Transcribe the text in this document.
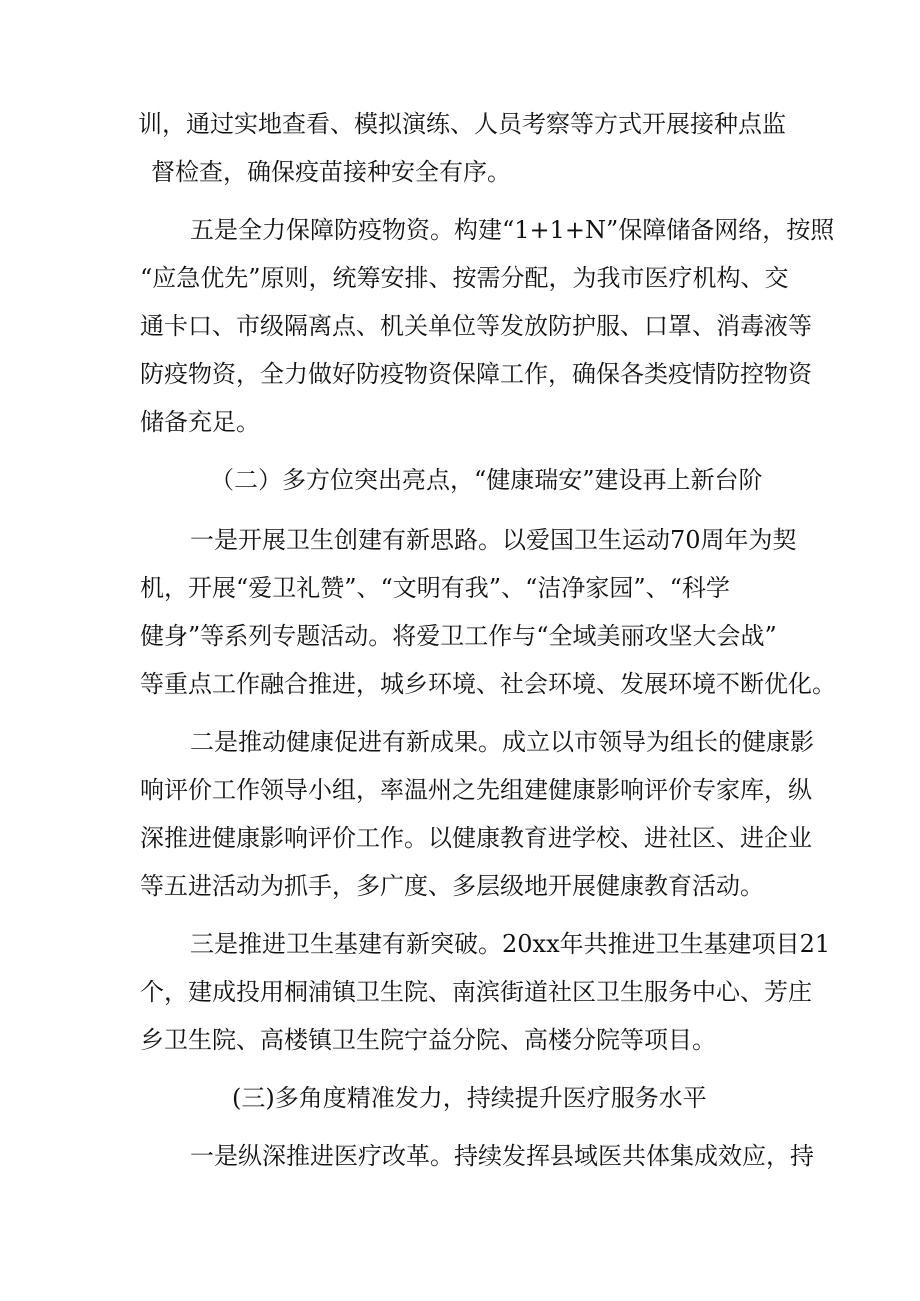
训，通过实地查看、模拟演练、人员考察等方式开展接种点监
督检查，确保疫苗接种安全有序。
五是全力保障防疫物资。构建“1+1+N”保障储备网络，按照
“应急优先”原则，统筹安排、按需分配，为我市医疗机构、交
通卡口、市级隔离点、机关单位等发放防护服、口罩、消毒液等
防疫物资，全力做好防疫物资保障工作，确保各类疫情防控物资
储备充足。
（二）多方位突出亮点，“健康瑞安”建设再上新台阶
一是开展卫生创建有新思路。以爱国卫生运动70周年为契
机，开展“爱卫礼赞”、“文明有我”、“洁净家园”、“科学
健身”等系列专题活动。将爱卫工作与“全域美丽攻坚大会战”
等重点工作融合推进，城乡环境、社会环境、发展环境不断优化。
二是推动健康促进有新成果。成立以市领导为组长的健康影
响评价工作领导小组，率温州之先组建健康影响评价专家库，纵
深推进健康影响评价工作。以健康教育进学校、进社区、进企业
等五进活动为抓手，多广度、多层级地开展健康教育活动。
三是推进卫生基建有新突破。20xx年共推进卫生基建项目21
个，建成投用桐浦镇卫生院、南滨街道社区卫生服务中心、芳庄
乡卫生院、高楼镇卫生院宁益分院、高楼分院等项目。
(三)多角度精准发力，持续提升医疗服务水平
一是纵深推进医疗改革。持续发挥县域医共体集成效应，持
